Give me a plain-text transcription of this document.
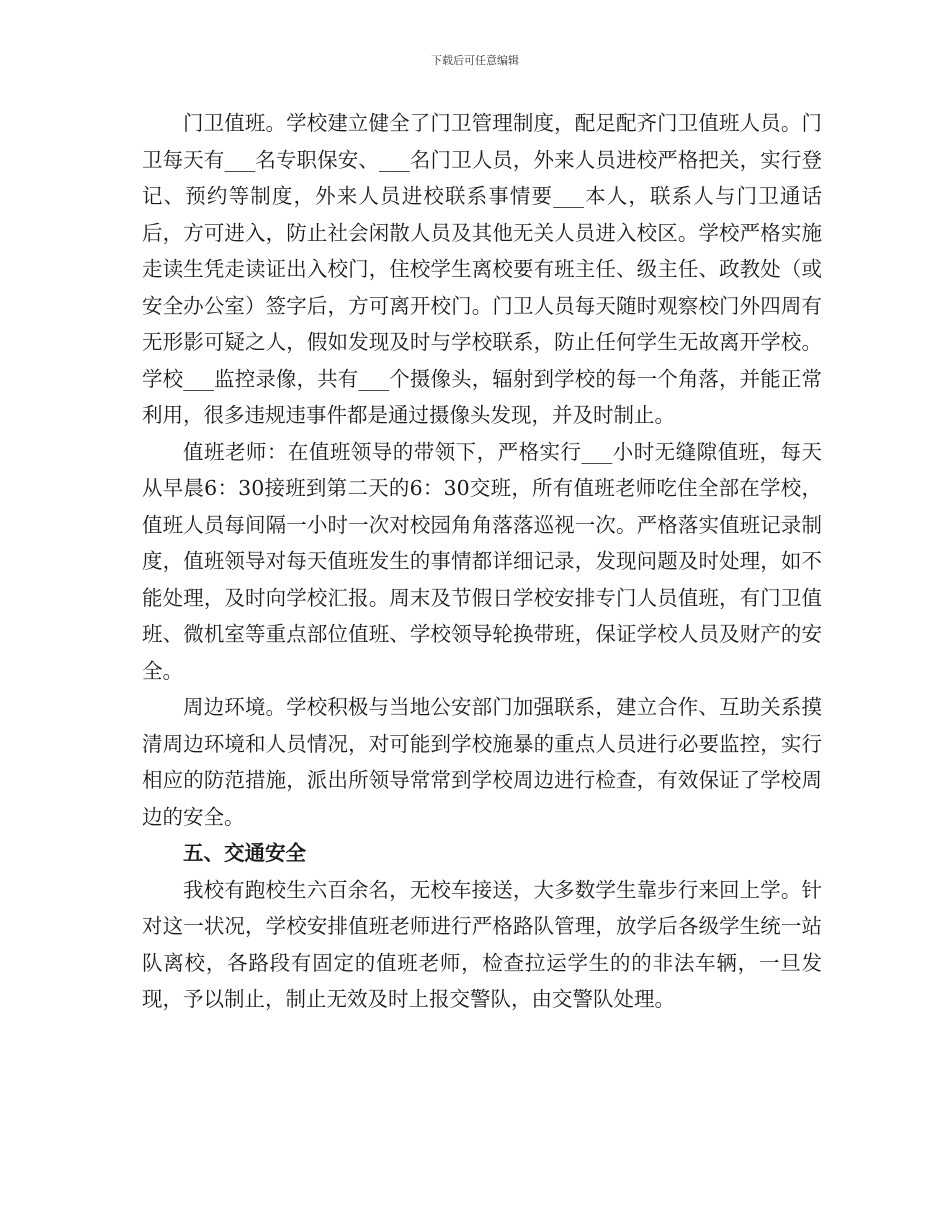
下载后可任意编辑

门卫值班。学校建立健全了门卫管理制度，配足配齐门卫值班人员。门卫每天有___名专职保安、___名门卫人员，外来人员进校严格把关，实行登记、预约等制度，外来人员进校联系事情要___本人，联系人与门卫通话后，方可进入，防止社会闲散人员及其他无关人员进入校区。学校严格实施走读生凭走读证出入校门，住校学生离校要有班主任、级主任、政教处（或安全办公室）签字后，方可离开校门。门卫人员每天随时观察校门外四周有无形影可疑之人，假如发现及时与学校联系，防止任何学生无故离开学校。学校___监控录像，共有___个摄像头，辐射到学校的每一个角落，并能正常利用，很多违规违事件都是通过摄像头发现，并及时制止。

值班老师：在值班领导的带领下，严格实行___小时无缝隙值班，每天从早晨6：30接班到第二天的6：30交班，所有值班老师吃住全部在学校，值班人员每间隔一小时一次对校园角角落落巡视一次。严格落实值班记录制度，值班领导对每天值班发生的事情都详细记录，发现问题及时处理，如不能处理，及时向学校汇报。周末及节假日学校安排专门人员值班，有门卫值班、微机室等重点部位值班、学校领导轮换带班，保证学校人员及财产的安全。

周边环境。学校积极与当地公安部门加强联系，建立合作、互助关系摸清周边环境和人员情况，对可能到学校施暴的重点人员进行必要监控，实行相应的防范措施，派出所领导常常到学校周边进行检查，有效保证了学校周边的安全。

五、交通安全

我校有跑校生六百余名，无校车接送，大多数学生靠步行来回上学。针对这一状况，学校安排值班老师进行严格路队管理，放学后各级学生统一站队离校，各路段有固定的值班老师，检查拉运学生的的非法车辆，一旦发现，予以制止，制止无效及时上报交警队，由交警队处理。
